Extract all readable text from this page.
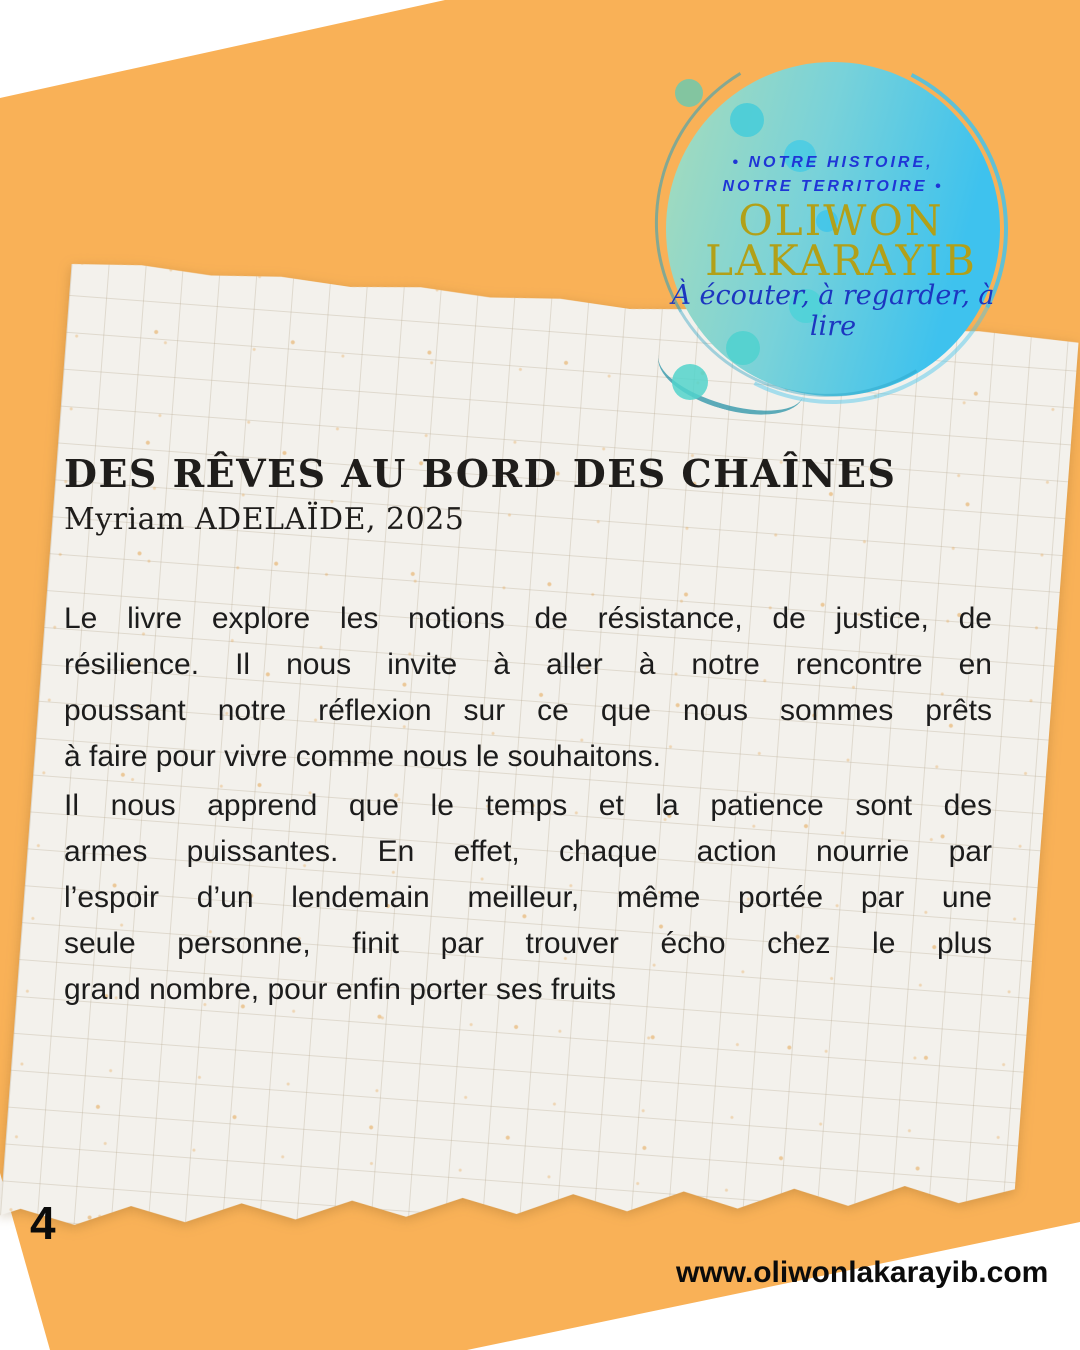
DES RÊVES AU BORD DES CHAÎNES
Myriam ADELAÏDE, 2025
Le livre explore les notions de résistance, de justice, de
résilience. Il nous invite à aller à notre rencontre en
poussant notre réflexion sur ce que nous sommes prêts
à faire pour vivre comme nous le souhaitons.
Il nous apprend que le temps et la patience sont des
armes puissantes. En effet, chaque action nourrie par
l’espoir d’un lendemain meilleur, même portée par une
seule personne, finit par trouver écho chez le plus
grand nombre, pour enfin porter ses fruits
• NOTRE HISTOIRE,
NOTRE TERRITOIRE •
OLIWON
LAKARAYIB
À écouter, à regarder, à lire
4
www.oliwonlakarayib.com
